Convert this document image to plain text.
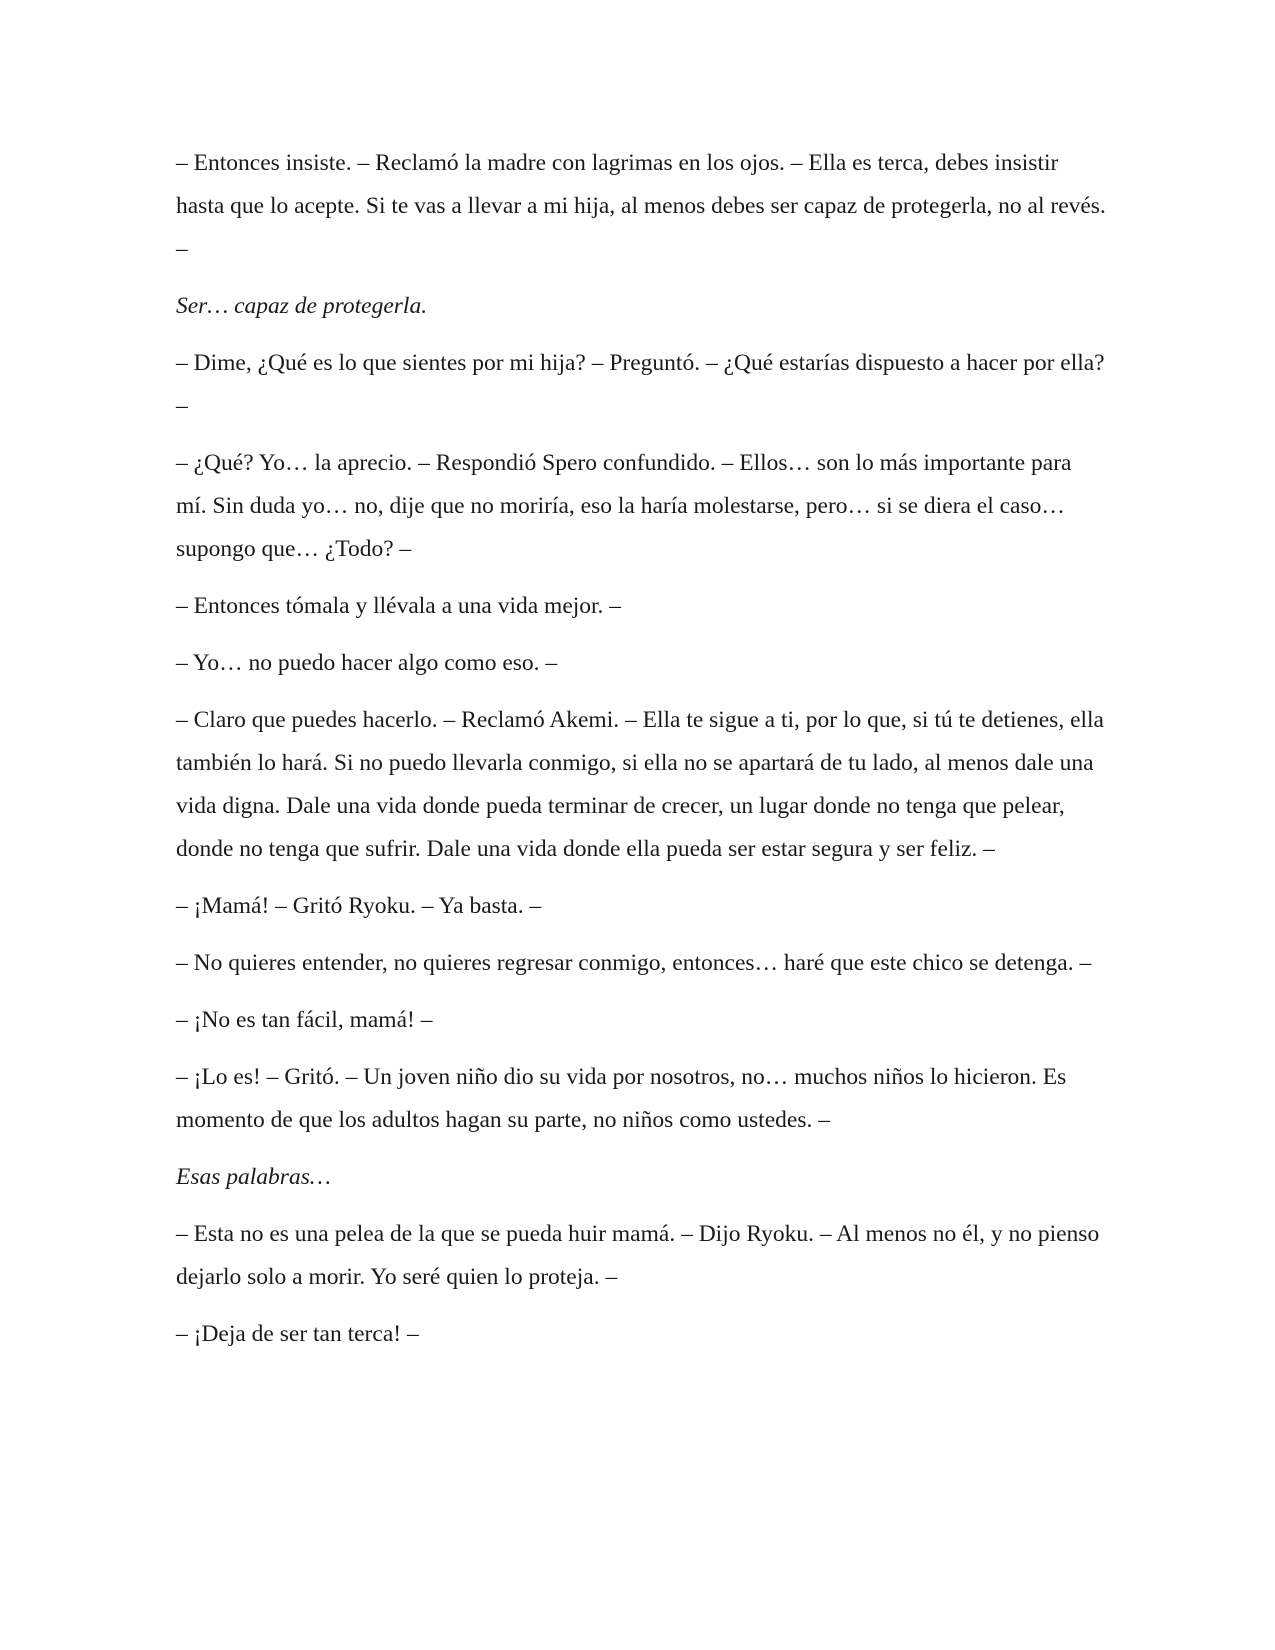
– Entonces insiste. – Reclamó la madre con lagrimas en los ojos. – Ella es terca, debes insistir hasta que lo acepte. Si te vas a llevar a mi hija, al menos debes ser capaz de protegerla, no al revés. –

Ser… capaz de protegerla.

– Dime, ¿Qué es lo que sientes por mi hija? – Preguntó. – ¿Qué estarías dispuesto a hacer por ella? –

– ¿Qué? Yo… la aprecio. – Respondió Spero confundido. – Ellos… son lo más importante para mí. Sin duda yo… no, dije que no moriría, eso la haría molestarse, pero… si se diera el caso… supongo que… ¿Todo? –

– Entonces tómala y llévala a una vida mejor. –

– Yo… no puedo hacer algo como eso. –

– Claro que puedes hacerlo. – Reclamó Akemi. – Ella te sigue a ti, por lo que, si tú te detienes, ella también lo hará. Si no puedo llevarla conmigo, si ella no se apartará de tu lado, al menos dale una vida digna. Dale una vida donde pueda terminar de crecer, un lugar donde no tenga que pelear, donde no tenga que sufrir. Dale una vida donde ella pueda ser estar segura y ser feliz. –

– ¡Mamá! – Gritó Ryoku. – Ya basta. –

– No quieres entender, no quieres regresar conmigo, entonces… haré que este chico se detenga. –

– ¡No es tan fácil, mamá! –

– ¡Lo es! – Gritó. – Un joven niño dio su vida por nosotros, no… muchos niños lo hicieron. Es momento de que los adultos hagan su parte, no niños como ustedes. –

Esas palabras…

– Esta no es una pelea de la que se pueda huir mamá. – Dijo Ryoku. – Al menos no él, y no pienso dejarlo solo a morir. Yo seré quien lo proteja. –

– ¡Deja de ser tan terca! –
